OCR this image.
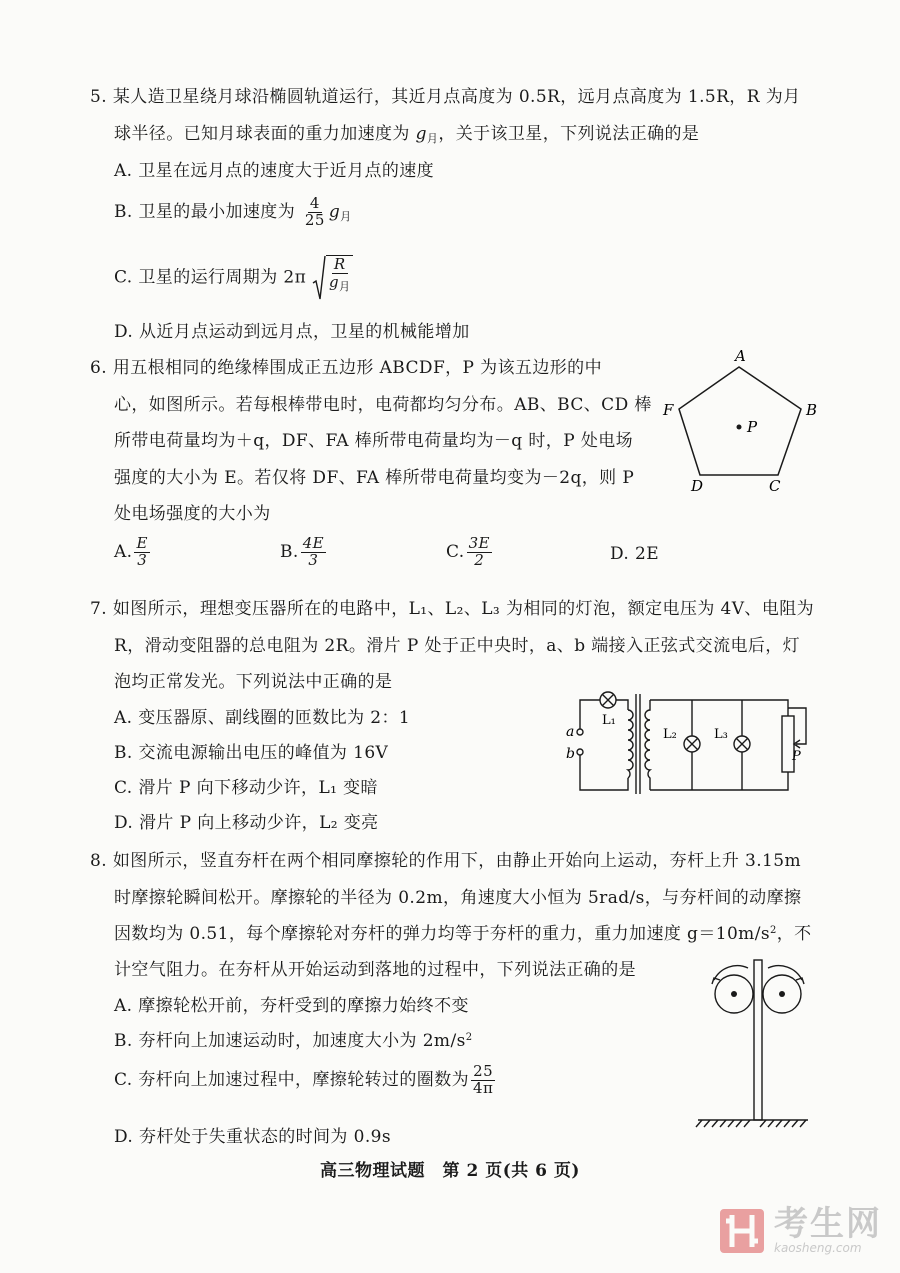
5. 某人造卫星绕月球沿椭圆轨道运行，其近月点高度为 0.5R，远月点高度为 1.5R，R 为月
球半径。已知月球表面的重力加速度为 $g_月$，关于该卫星，下列说法正确的是
A. 卫星在远月点的速度大于近月点的速度
B. 卫星的最小加速度为 $\frac{4}{25} g_月$
C. 卫星的运行周期为 2π
R
$g_月$
D. 从近月点运动到远月点，卫星的机械能增加
6. 用五根相同的绝缘棒围成正五边形 ABCDF，P 为该五边形的中
心，如图所示。若每根棒带电时，电荷都均匀分布。AB、BC、CD 棒
所带电荷量均为＋q，DF、FA 棒所带电荷量均为－q 时，P 处电场
强度的大小为 E。若仅将 DF、FA 棒所带电荷量均变为－2q，则 P
处电场强度的大小为
A. $\frac{E}{3}$	B. $\frac{4E}{3}$	C. $\frac{3E}{2}$	D. 2E
A
B
C
D
F
P
7. 如图所示，理想变压器所在的电路中，L₁、L₂、L₃ 为相同的灯泡，额定电压为 4V、电阻为
R，滑动变阻器的总电阻为 2R。滑片 P 处于正中央时，a、b 端接入正弦式交流电后，灯
泡均正常发光。下列说法中正确的是
A. 变压器原、副线圈的匝数比为 2：1
B. 交流电源输出电压的峰值为 16V
C. 滑片 P 向下移动少许，L₁ 变暗
D. 滑片 P 向上移动少许，L₂ 变亮
a
b
L₁
L₂	L₃
P
8. 如图所示，竖直夯杆在两个相同摩擦轮的作用下，由静止开始向上运动，夯杆上升 3.15m
时摩擦轮瞬间松开。摩擦轮的半径为 0.2m，角速度大小恒为 5rad/s，与夯杆间的动摩擦
因数均为 0.51，每个摩擦轮对夯杆的弹力均等于夯杆的重力，重力加速度 $g=10m/s^2$，不
计空气阻力。在夯杆从开始运动到落地的过程中，下列说法正确的是
A. 摩擦轮松开前，夯杆受到的摩擦力始终不变
B. 夯杆向上加速运动时，加速度大小为 $2m/s^2$
C. 夯杆向上加速过程中，摩擦轮转过的圈数为 $\frac{25}{4\pi}$
D. 夯杆处于失重状态的时间为 0.9s
高三物理试题　第 2 页(共 6 页)
考生网
kaosheng.com
